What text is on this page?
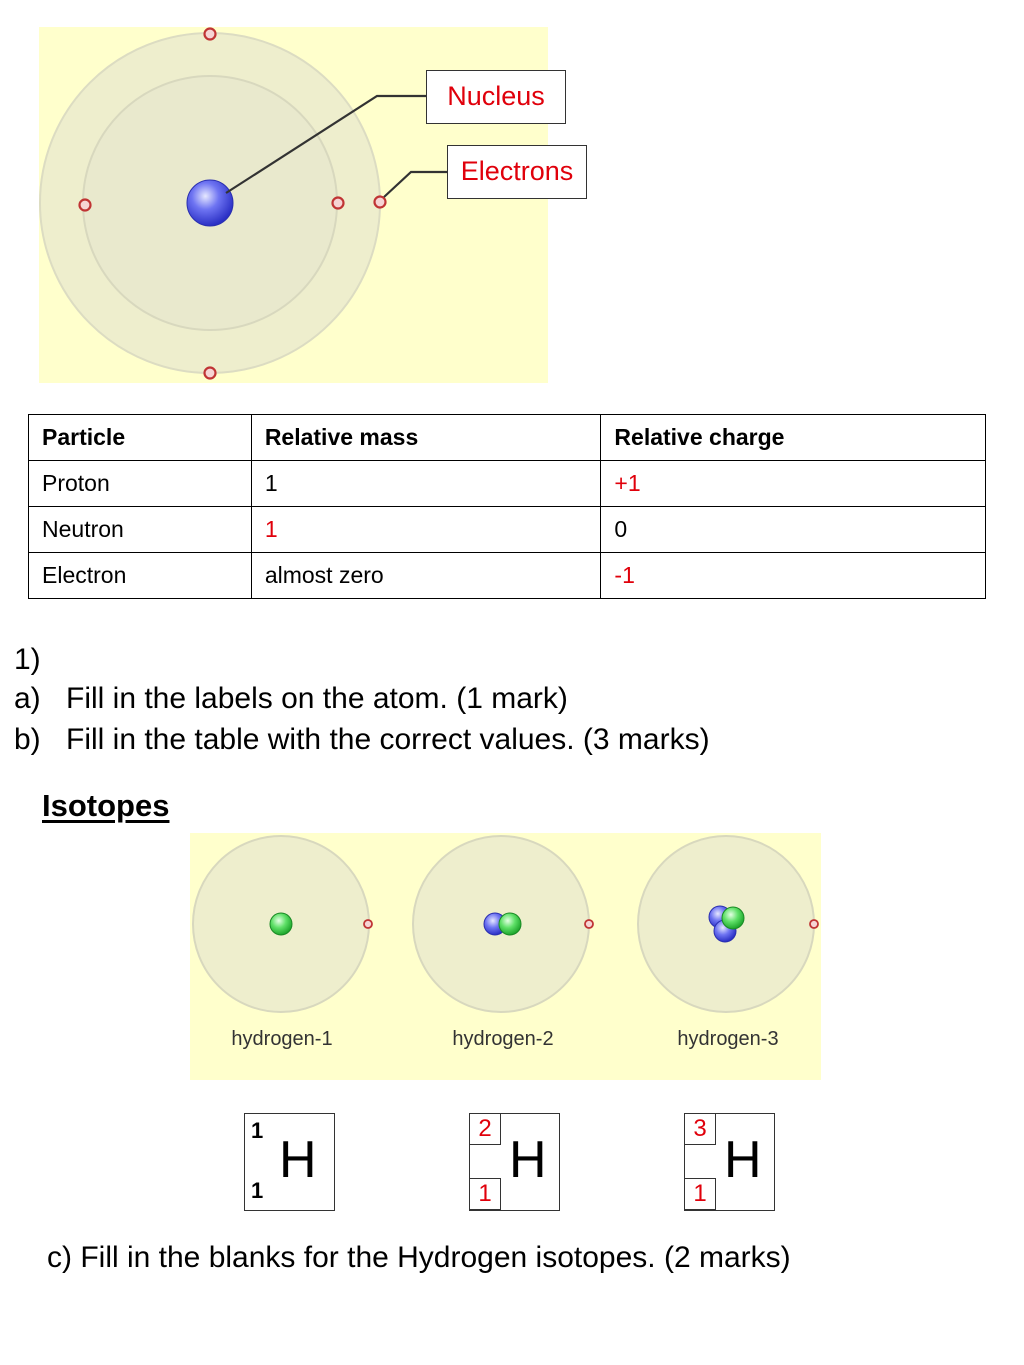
Nucleus
Electrons
Particle	Relative mass	Relative charge
Proton	1	+1
Neutron	1	0
Electron	almost zero	-1
1)
a) Fill in the labels on the atom. (1 mark)
b) Fill in the table with the correct values. (3 marks)
Isotopes
hydrogen-1	hydrogen-2	hydrogen-3
1
1
H
2
1
H
3
1
H
c) Fill in the blanks for the Hydrogen isotopes. (2 marks)
